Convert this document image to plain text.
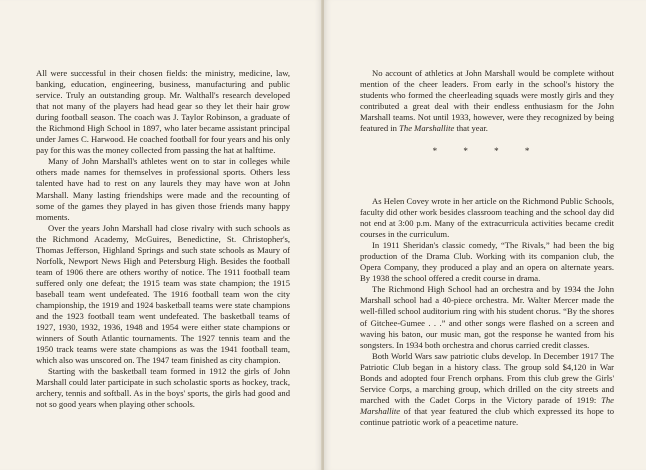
All were successful in their chosen fields: the ministry, medicine, law, banking, education, engineering, business, manufacturing and public service. Truly an outstanding group. Mr. Walthall's research developed that not many of the players had head gear so they let their hair grow during football season. The coach was J. Taylor Robinson, a graduate of the Richmond High School in 1897, who later became assistant principal under James C. Harwood. He coached football for four years and his only pay for this was the money collected from passing the hat at halftime.

Many of John Marshall's athletes went on to star in colleges while others made names for themselves in professional sports. Others less talented have had to rest on any laurels they may have won at John Marshall. Many lasting friendships were made and the recounting of some of the games they played in has given those friends many happy moments.

Over the years John Marshall had close rivalry with such schools as the Richmond Academy, McGuires, Benedictine, St. Christopher's, Thomas Jefferson, Highland Springs and such state schools as Maury of Norfolk, Newport News High and Petersburg High. Besides the football team of 1906 there are others worthy of notice. The 1911 football team suffered only one defeat; the 1915 team was state champion; the 1915 baseball team went undefeated. The 1916 football team won the city championship, the 1919 and 1924 basketball teams were state champions and the 1923 football team went undefeated. The basketball teams of 1927, 1930, 1932, 1936, 1948 and 1954 were either state champions or winners of South Atlantic tournaments. The 1927 tennis team and the 1950 track teams were state champions as was the 1941 football team, which also was unscored on. The 1947 team finished as city champion.

Starting with the basketball team formed in 1912 the girls of John Marshall could later participate in such scholastic sports as hockey, track, archery, tennis and softball. As in the boys' sports, the girls had good and not so good years when playing other schools.

No account of athletics at John Marshall would be complete without mention of the cheer leaders. From early in the school's history the students who formed the cheerleading squads were mostly girls and they contributed a great deal with their endless enthusiasm for the John Marshall teams. Not until 1933, however, were they recognized by being featured in The Marshallite that year.

* * * *

As Helen Covey wrote in her article on the Richmond Public Schools, faculty did other work besides classroom teaching and the school day did not end at 3:00 p.m. Many of the extracurricula activities became credit courses in the curriculum.

In 1911 Sheridan's classic comedy, “The Rivals,” had been the big production of the Drama Club. Working with its companion club, the Opera Company, they produced a play and an opera on alternate years. By 1938 the school offered a credit course in drama.

The Richmond High School had an orchestra and by 1934 the John Marshall school had a 40-piece orchestra. Mr. Walter Mercer made the well-filled school auditorium ring with his student chorus. “By the shores of Gitchee-Gumee . . .” and other songs were flashed on a screen and waving his baton, our music man, got the response he wanted from his songsters. In 1934 both orchestra and chorus carried credit classes.

Both World Wars saw patriotic clubs develop. In December 1917 The Patriotic Club began in a history class. The group sold $4,120 in War Bonds and adopted four French orphans. From this club grew the Girls' Service Corps, a marching group, which drilled on the city streets and marched with the Cadet Corps in the Victory parade of 1919: The Marshallite of that year featured the club which expressed its hope to continue patriotic work of a peacetime nature.
